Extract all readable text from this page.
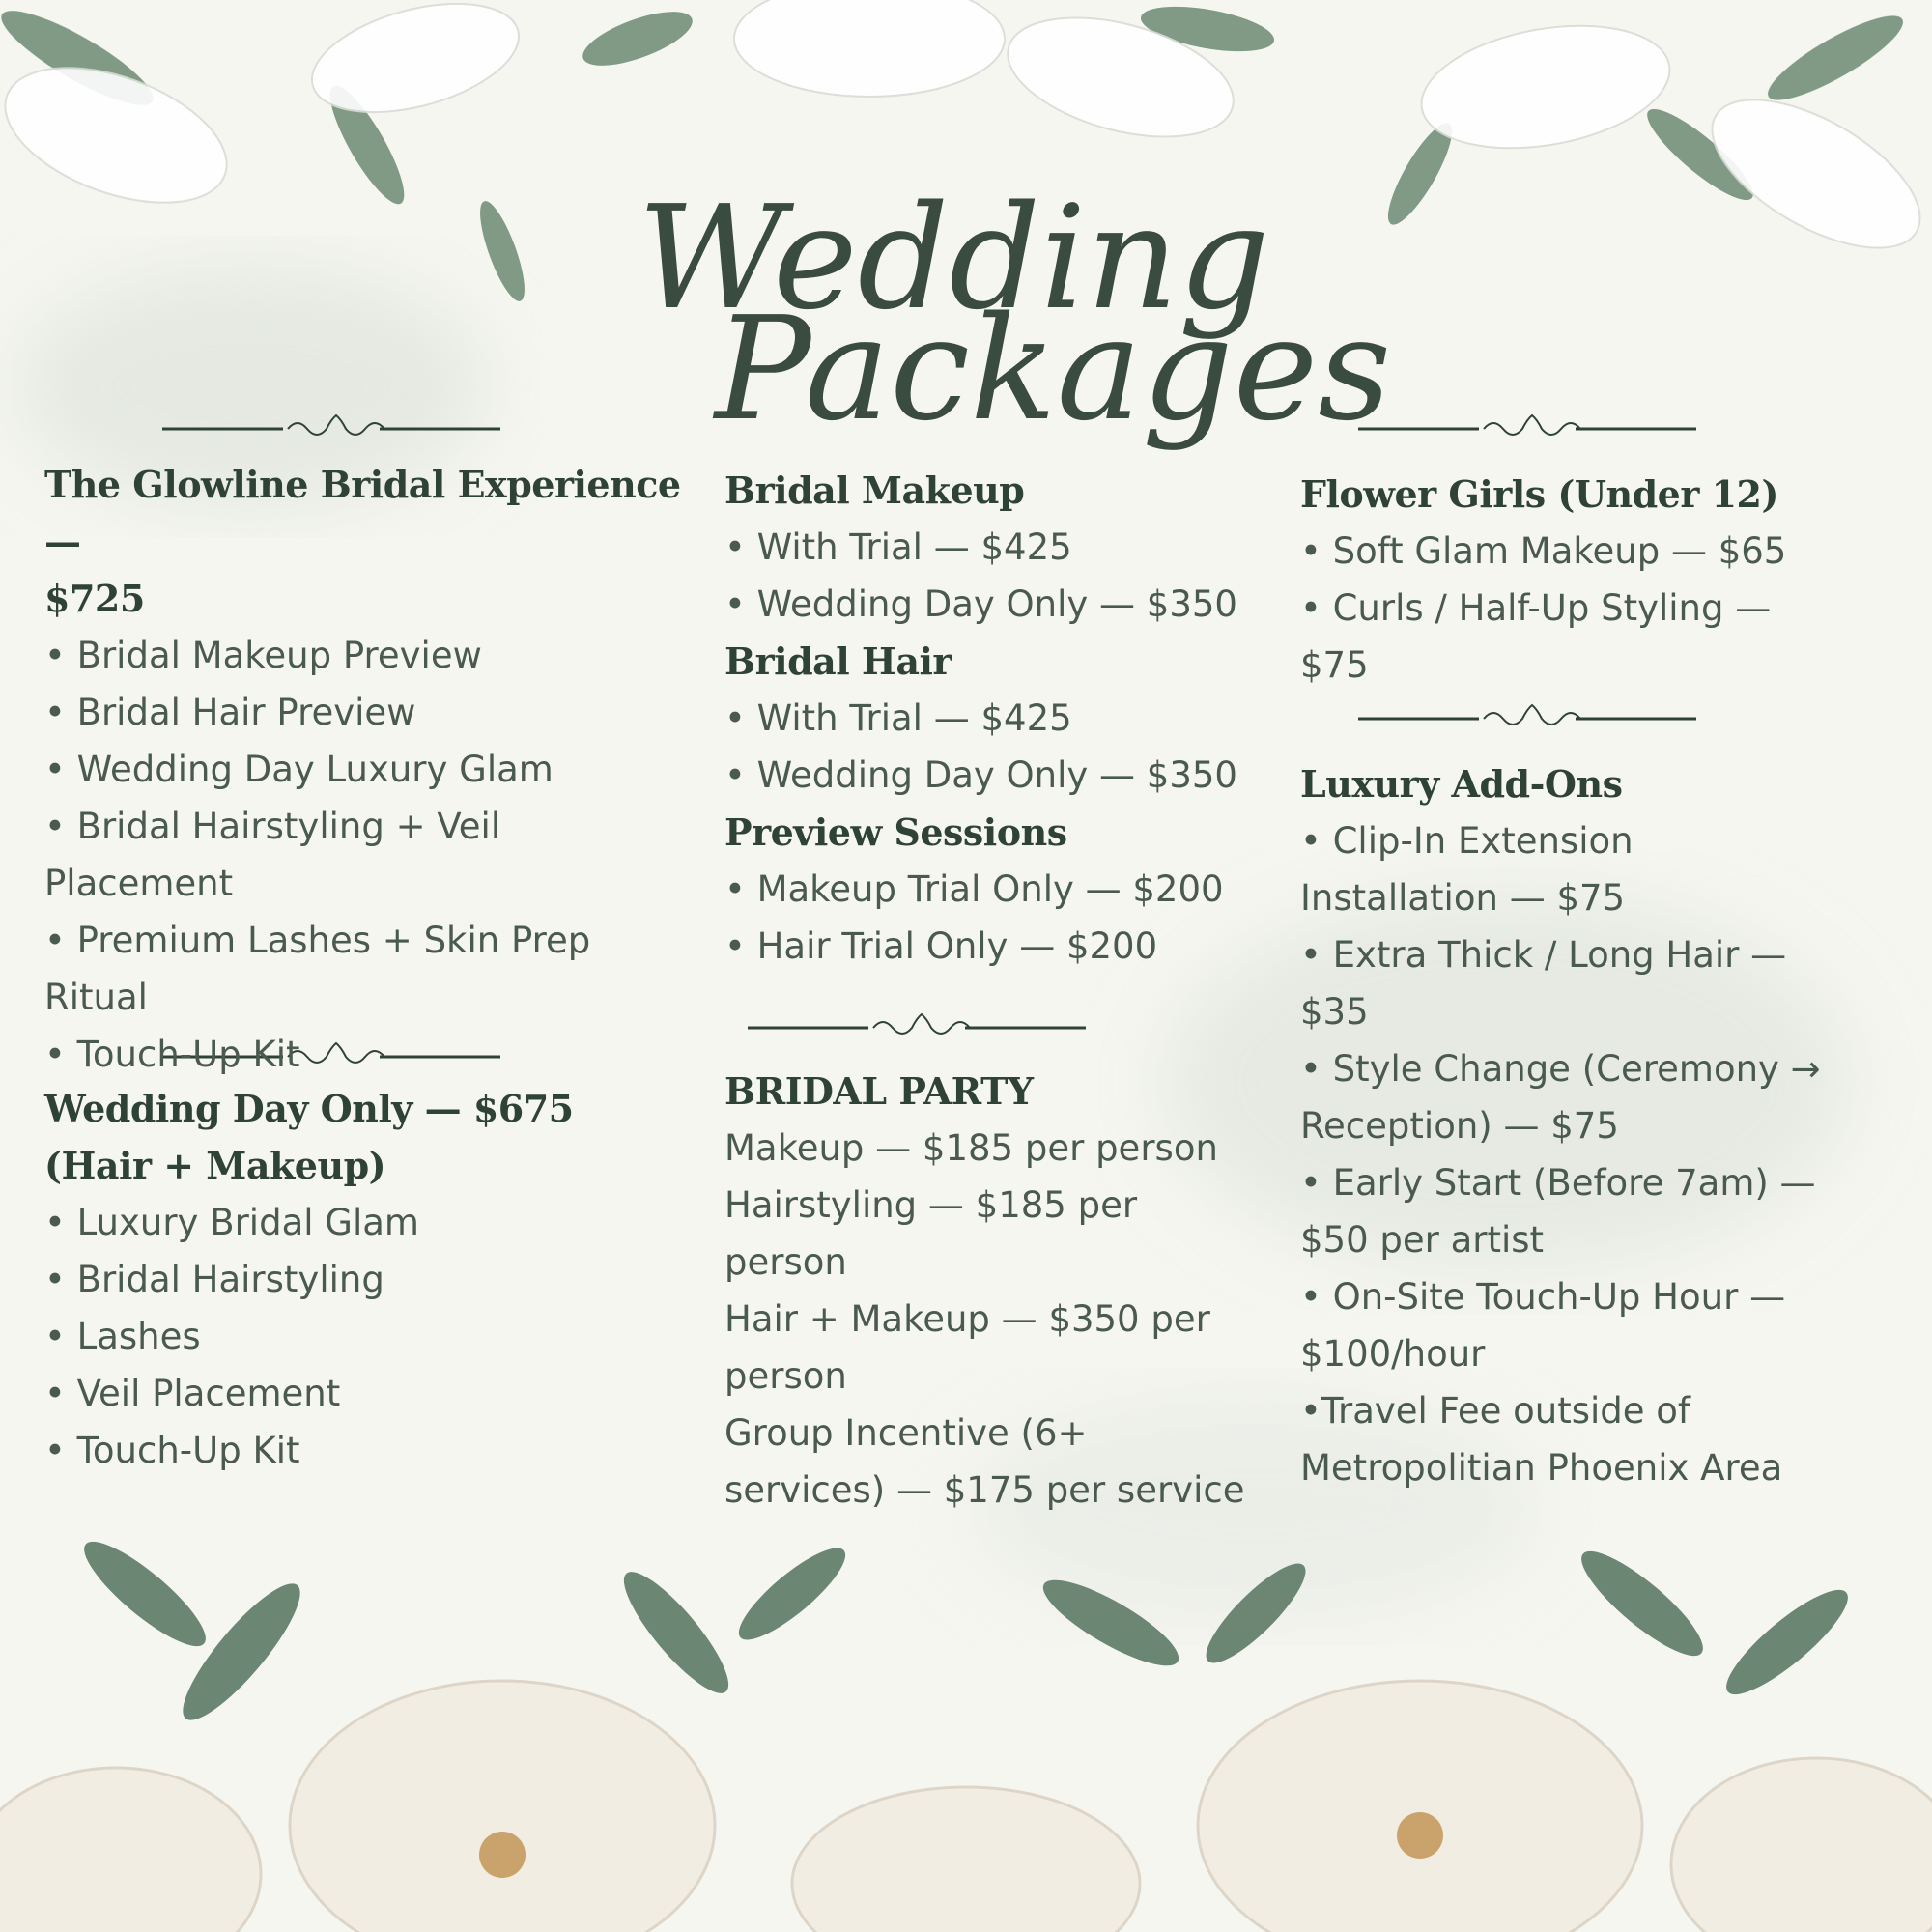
Wedding
Packages
The Glowline Bridal Experience —
$725
• Bridal Makeup Preview
• Bridal Hair Preview
• Wedding Day Luxury Glam
• Bridal Hairstyling + Veil
Placement
• Premium Lashes + Skin Prep
Ritual
• Touch-Up Kit
Wedding Day Only — $675
(Hair + Makeup)
• Luxury Bridal Glam
• Bridal Hairstyling
• Lashes
• Veil Placement
• Touch-Up Kit
Bridal Makeup
• With Trial — $425
• Wedding Day Only — $350
Bridal Hair
• With Trial — $425
• Wedding Day Only — $350
Preview Sessions
• Makeup Trial Only — $200
• Hair Trial Only — $200
BRIDAL PARTY
Makeup — $185 per person
Hairstyling — $185 per
person
Hair + Makeup — $350 per
person
Group Incentive (6+
services) — $175 per service
Flower Girls (Under 12)
• Soft Glam Makeup — $65
• Curls / Half-Up Styling —
$75
Luxury Add-Ons
• Clip-In Extension
Installation — $75
• Extra Thick / Long Hair —
$35
• Style Change (Ceremony →
Reception) — $75
• Early Start (Before 7am) —
$50 per artist
• On-Site Touch-Up Hour —
$100/hour
•Travel Fee outside of
Metropolitian Phoenix Area
